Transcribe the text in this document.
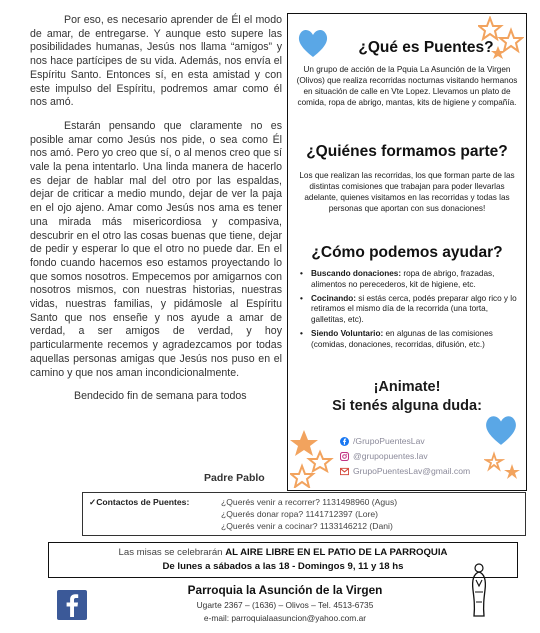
Por eso, es necesario aprender de Él el modo de amar, de entregarse. Y aunque esto supere las posibilidades humanas, Jesús nos llama “amigos” y nos hace partícipes de su vida. Además, nos envía el Espíritu Santo. Entonces sí, en esta amistad y con este impulso del Espíritu, podremos amar como él nos amó.

Estarán pensando que claramente no es posible amar como Jesús nos pide, o sea como Él nos amó. Pero yo creo que sí, o al menos creo que sí vale la pena intentarlo. Una linda manera de hacerlo es dejar de hablar mal del otro por las espaldas, dejar de criticar a medio mundo, dejar de ver la paja en el ojo ajeno. Amar como Jesús nos ama es tener una mirada más misericordiosa y compasiva, descubrir en el otro las cosas buenas que tiene, dejar de pedir y esperar lo que el otro no puede dar. En el fondo cuando hacemos eso estamos proyectando lo que somos nosotros. Empecemos por amigarnos con nosotros mismos, con nuestras historias, nuestras vidas, nuestras familias, y pidámosle al Espíritu Santo que nos enseñe y nos ayude a amar de verdad, a ser amigos de verdad, y hoy particularmente recemos y agradezcamos por todas aquellas personas amigas que Jesús nos puso en el camino y que nos aman incondicionalmente.

Bendecido fin de semana para todos

Padre Pablo
¿Qué es Puentes?
Un grupo de acción de la Pquia La Asunción de la Virgen (Olivos) que realiza recorridas nocturnas visitando hermanos en situación de calle en Vte Lopez. Llevamos un plato de comida, ropa de abrigo, mantas, kits de higiene y compañía.
¿Quiénes formamos parte?
Los que realizan las recorridas, los que forman parte de las distintas comisiones que trabajan para poder llevarlas adelante, quienes visitamos en las recorridas y todas las personas que aportan con sus donaciones!
¿Cómo podemos ayudar?
• Buscando donaciones: ropa de abrigo, frazadas, alimentos no perecederos, kit de higiene, etc.
• Cocinando: si estás cerca, podés preparar algo rico y lo retiramos el mismo día de la recorrida (una torta, galletitas, etc).
• Siendo Voluntario: en algunas de las comisiones (comidas, donaciones, recorridas, difusión, etc.)
¡Animate!
Si tenés alguna duda:
/GrupoPuentesLav
@grupopuentes.lav
GrupoPuentesLav@gmail.com
✓Contactos de Puentes:	¿Querés venir a recorrer? 1131498960 (Agus)
¿Querés donar ropa? 1141712397 (Lore)
¿Querés venir a cocinar? 1133146212 (Dani)
Las misas se celebrarán AL AIRE LIBRE EN EL PATIO DE LA PARROQUIA
De lunes a sábados a las 18 - Domingos 9, 11 y 18 hs
Parroquia la Asunción de la Virgen
Ugarte 2367 – (1636) – Olivos – Tel. 4513-6735
e-mail: parroquialaasuncion@yahoo.com.ar
